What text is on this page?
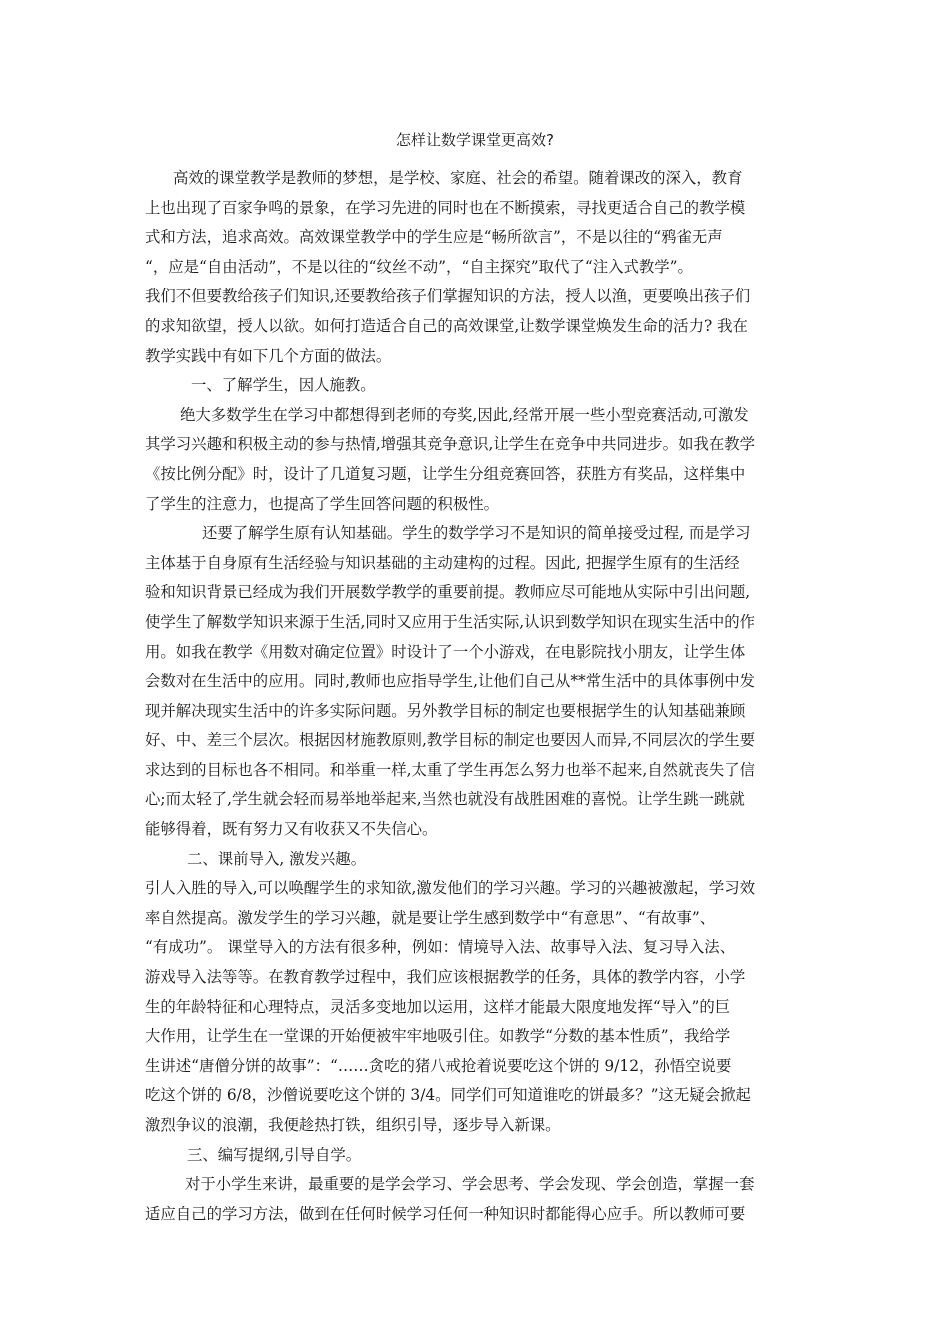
怎样让数学课堂更高效?
高效的课堂教学是教师的梦想，是学校、家庭、社会的希望。随着课改的深入，教育
上也出现了百家争鸣的景象，在学习先进的同时也在不断摸索，寻找更适合自己的教学模
式和方法，追求高效。高效课堂教学中的学生应是“畅所欲言”，不是以往的“鸦雀无声
“，应是“自由活动”，不是以往的“纹丝不动”，“自主探究”取代了“注入式教学”。
我们不但要教给孩子们知识,还要教给孩子们掌握知识的方法，授人以渔，更要唤出孩子们
的求知欲望，授人以欲。如何打造适合自己的高效课堂,让数学课堂焕发生命的活力? 我在
教学实践中有如下几个方面的做法。
一、了解学生，因人施教。
绝大多数学生在学习中都想得到老师的夸奖,因此,经常开展一些小型竞赛活动,可激发
其学习兴趣和积极主动的参与热情,增强其竞争意识,让学生在竞争中共同进步。如我在教学
《按比例分配》时，设计了几道复习题，让学生分组竞赛回答，获胜方有奖品，这样集中
了学生的注意力，也提高了学生回答问题的积极性。
还要了解学生原有认知基础。学生的数学学习不是知识的简单接受过程, 而是学习
主体基于自身原有生活经验与知识基础的主动建构的过程。因此, 把握学生原有的生活经
验和知识背景已经成为我们开展数学教学的重要前提。教师应尽可能地从实际中引出问题,
使学生了解数学知识来源于生活,同时又应用于生活实际,认识到数学知识在现实生活中的作
用。如我在教学《用数对确定位置》时设计了一个小游戏，在电影院找小朋友，让学生体
会数对在生活中的应用。同时,教师也应指导学生,让他们自己从**常生活中的具体事例中发
现并解决现实生活中的许多实际问题。另外教学目标的制定也要根据学生的认知基础兼顾
好、中、差三个层次。根据因材施教原则,教学目标的制定也要因人而异,不同层次的学生要
求达到的目标也各不相同。和举重一样,太重了学生再怎么努力也举不起来,自然就丧失了信
心;而太轻了,学生就会轻而易举地举起来,当然也就没有战胜困难的喜悦。让学生跳一跳就
能够得着，既有努力又有收获又不失信心。
二、课前导入, 激发兴趣。
引人入胜的导入,可以唤醒学生的求知欲,激发他们的学习兴趣。学习的兴趣被激起，学习效
率自然提高。激发学生的学习兴趣，就是要让学生感到数学中“有意思”、“有故事”、
“有成功”。 课堂导入的方法有很多种，例如：情境导入法、故事导入法、复习导入法、
游戏导入法等等。在教育教学过程中，我们应该根据教学的任务，具体的教学内容，小学
生的年龄特征和心理特点，灵活多变地加以运用，这样才能最大限度地发挥“导入”的巨
大作用，让学生在一堂课的开始便被牢牢地吸引住。如教学“分数的基本性质”，我给学
生讲述“唐僧分饼的故事”：“……贪吃的猪八戒抢着说要吃这个饼的 9/12，孙悟空说要
吃这个饼的 6/8，沙僧说要吃这个饼的 3/4。同学们可知道谁吃的饼最多？”这无疑会掀起
激烈争议的浪潮，我便趁热打铁，组织引导，逐步导入新课。
三、编写提纲,引导自学。
对于小学生来讲，最重要的是学会学习、学会思考、学会发现、学会创造，掌握一套
适应自己的学习方法，做到在任何时候学习任何一种知识时都能得心应手。所以教师可要
